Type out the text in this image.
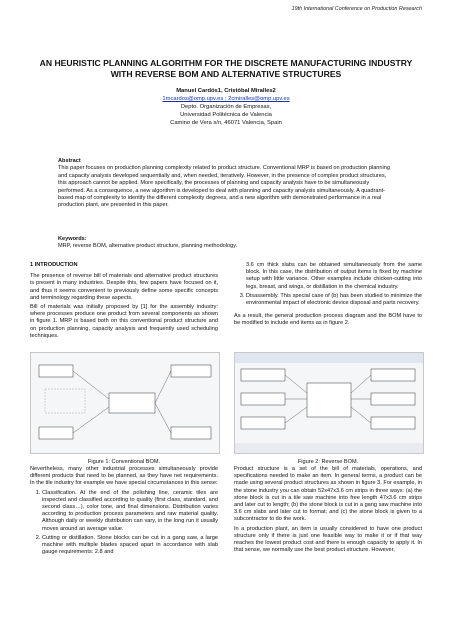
19th International Conference on Production Research
AN HEURISTIC PLANNING ALGORITHM FOR THE DISCRETE MANUFACTURING INDUSTRY WITH REVERSE BOM AND ALTERNATIVE STRUCTURES
Manuel Cardós1, Cristóbal Miralles2
1mcardos@omp.upv.es ; 2cmiralles@omp.upv.es
Depto. Organización de Empresas,
Universidad Politécnica de Valencia
Camino de Vera s/n, 46071 Valencia, Spain
Abstract
This paper focuses on production planning complexity related to product structure. Conventional MRP is based on production planning and capacity analysis developed sequentially and, when needed, iteratively. However, in the presence of complex product structures, this approach cannot be applied. More specifically, the processes of planning and capacity analysis have to be simultaneously performed. As a consequence, a new algorithm is developed to deal with planning and capacity analysis simultaneously. A quadrant-based map of complexity to identify the different complexity degrees, and a new algorithm with demonstrated performance in a real production plant, are presented in this paper.
Keywords:
MRP, reverse BOM, alternative product structure, planning methodology.
1 INTRODUCTION

The presence of reverse bill of materials and alternative product structures is present in many industries. Despite this, few papers have focused on it, and thus it seems convenient to previously define some specific concepts and terminology regarding these aspects.

Bill of materials was initially proposed by [1] for the assembly industry: where processes produce one product from several components as shown in figure 1. MRP is based both on this conventional product structure and on production planning, capacity analysis and frequently used scheduling techniques.

3.6 cm thick slabs can be obtained simultaneously from the same block. In this case, the distribution of output items is fixed by machine setup with little variance. Other examples include chicken-cutting into legs, breast, and wings, or distillation in the chemical industry.

3. Disassembly. This special case of (b) has been studied to minimize the environmental impact of electronic device disposal and parts recovery.

As a result, the general production process diagram and the BOM have to be modified to include end items as in figure 2.

Figure 1: Conventional BOM.	Figure 2: Reverse BOM.

Nevertheless, many other industrial processes simultaneously provide different products that need to be planned, as they have net requirements. In the tile industry for example we have special circumstances in this sense:

1. Classification. At the end of the polishing line, ceramic tiles are inspected and classified according to quality (first class, standard, and second class…), color tone, and final dimensions. Distribution varies according to production process parameters and raw material quality. Although daily or weekly distribution can vary, in the long run it usually moves around an average value.
2. Cutting or distillation. Stone blocks can be cut in a gang saw, a large machine with multiple blades spaced apart in accordance with slab gauge requirements: 2.8 and

Product structure is a set of the bill of materials, operations, and specifications needed to make an item. In general terms, a product can be made using several product structures as shown in figure 3. For example, in the stone industry you can obtain 52x47x3.6 cm strips in three ways: (a) the stone block is cut in a tile saw machine into free length 47x3.6 cm strips and later cut to length; (b) the stone block is cut in a gang saw machine into 3.6 cm slabs and later cut to format; and (c) the stone block is given to a subcontractor to do the work.

In a production plant, an item is usually considered to have one product structure only if there is just one feasible way to make it or if that way reaches the lowest product cost and there is enough capacity to apply it. In that sense, we normally use the best product structure. However,
